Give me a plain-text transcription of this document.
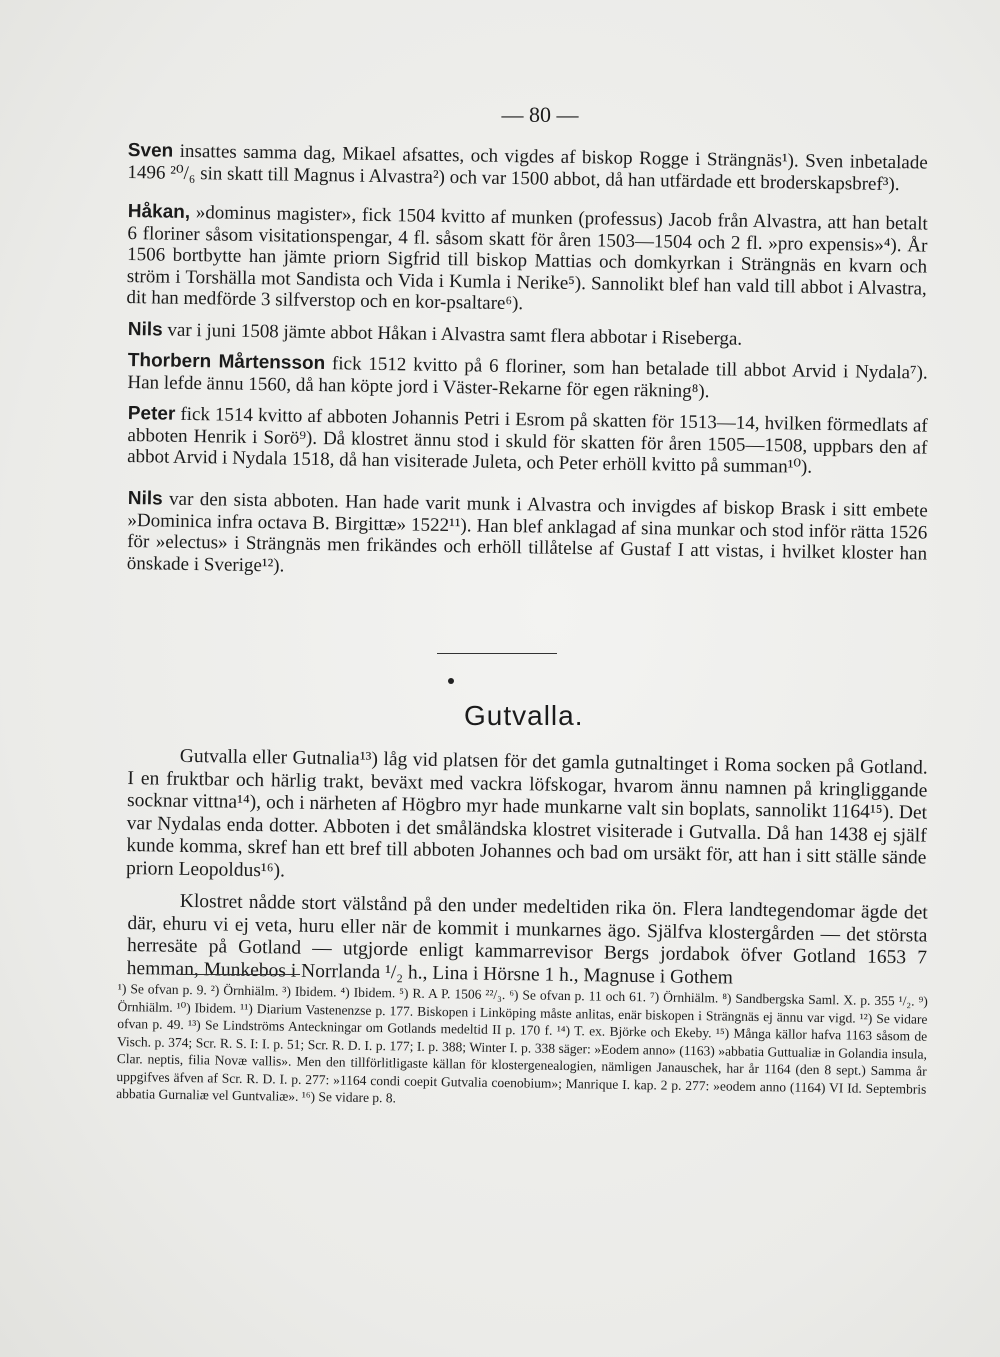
— 80 —

Sven insattes samma dag, Mikael afsattes, och vigdes af biskop Rogge i Strängnäs¹). Sven inbetalade 1496 ²⁰/₆ sin skatt till Magnus i Alvastra²) och var 1500 abbot, då han utfärdade ett broderskapsbref³).

Håkan, »dominus magister», fick 1504 kvitto af munken (professus) Jacob från Alvastra, att han betalt 6 floriner såsom visitationspengar, 4 fl. såsom skatt för åren 1503—1504 och 2 fl. »pro expensis»⁴). År 1506 bortbytte han jämte priorn Sigfrid till biskop Mattias och domkyrkan i Strängnäs en kvarn och ström i Torshälla mot Sandista och Vida i Kumla i Nerike⁵). Sannolikt blef han vald till abbot i Alvastra, dit han medförde 3 silfverstop och en kor-psaltare⁶).

Nils var i juni 1508 jämte abbot Håkan i Alvastra samt flera abbotar i Riseberga.

Thorbern Mårtensson fick 1512 kvitto på 6 floriner, som han betalade till abbot Arvid i Nydala⁷). Han lefde ännu 1560, då han köpte jord i Väster-Rekarne för egen räkning⁸).

Peter fick 1514 kvitto af abboten Johannis Petri i Esrom på skatten för 1513—14, hvilken förmedlats af abboten Henrik i Sorö⁹). Då klostret ännu stod i skuld för skatten för åren 1505—1508, uppbars den af abbot Arvid i Nydala 1518, då han visiterade Juleta, och Peter erhöll kvitto på summan¹⁰).

Nils var den sista abboten. Han hade varit munk i Alvastra och invigdes af biskop Brask i sitt embete »Dominica infra octava B. Birgittæ» 1522¹¹). Han blef anklagad af sina munkar och stod inför rätta 1526 för »electus» i Strängnäs men frikändes och erhöll tillåtelse af Gustaf I att vistas, i hvilket kloster han önskade i Sverige¹²).

Gutvalla.

Gutvalla eller Gutnalia¹³) låg vid platsen för det gamla gutnaltinget i Roma socken på Gotland. I en fruktbar och härlig trakt, beväxt med vackra löfskogar, hvarom ännu namnen på kringliggande socknar vittna¹⁴), och i närheten af Högbro myr hade munkarne valt sin boplats, sannolikt 1164¹⁵). Det var Nydalas enda dotter. Abboten i det småländska klostret visiterade i Gutvalla. Då han 1438 ej själf kunde komma, skref han ett bref till abboten Johannes och bad om ursäkt för, att han i sitt ställe sände priorn Leopoldus¹⁶).

Klostret nådde stort välstånd på den under medeltiden rika ön. Flera landtegendomar ägde det där, ehuru vi ej veta, huru eller när de kommit i munkarnes ägo. Själfva klostergården — det största herresäte på Gotland — utgjorde enligt kammarrevisor Bergs jordabok öfver Gotland 1653 7 hemman, Munkebos i Norrlanda ¹/₂ h., Lina i Hörsne 1 h., Magnuse i Gothem

¹) Se ofvan p. 9. ²) Örnhiälm. ³) Ibidem. ⁴) Ibidem. ⁵) R. A P. 1506 ²²/₃. ⁶) Se ofvan p. 11 och 61. ⁷) Örnhiälm. ⁸) Sandbergska Saml. X. p. 355 ¹/₂. ⁹) Örnhiälm. ¹⁰) Ibidem. ¹¹) Diarium Vastenenzse p. 177. Biskopen i Linköping måste anlitas, enär biskopen i Strängnäs ej ännu var vigd. ¹²) Se vidare ofvan p. 49. ¹³) Se Lindströms Anteckningar om Gotlands medeltid II p. 170 f. ¹⁴) T. ex. Björke och Ekeby. ¹⁵) Många källor hafva 1163 såsom de Visch. p. 374; Scr. R. S. I: I. p. 51; Scr. R. D. I. p. 177; I. p. 388; Winter I. p. 338 säger: »Eodem anno» (1163) »abbatia Guttualiæ in Golandia insula, Clar. neptis, filia Novæ vallis». Men den tillförlitligaste källan för klostergenealogien, nämligen Janauschek, har år 1164 (den 8 sept.) Samma år uppgifves äfven af Scr. R. D. I. p. 277: »1164 condi coepit Gutvalia coenobium»; Manrique I. kap. 2 p. 277: »eodem anno (1164) VI Id. Septembris abbatia Gurnaliæ vel Guntvaliæ». ¹⁶) Se vidare p. 8.
